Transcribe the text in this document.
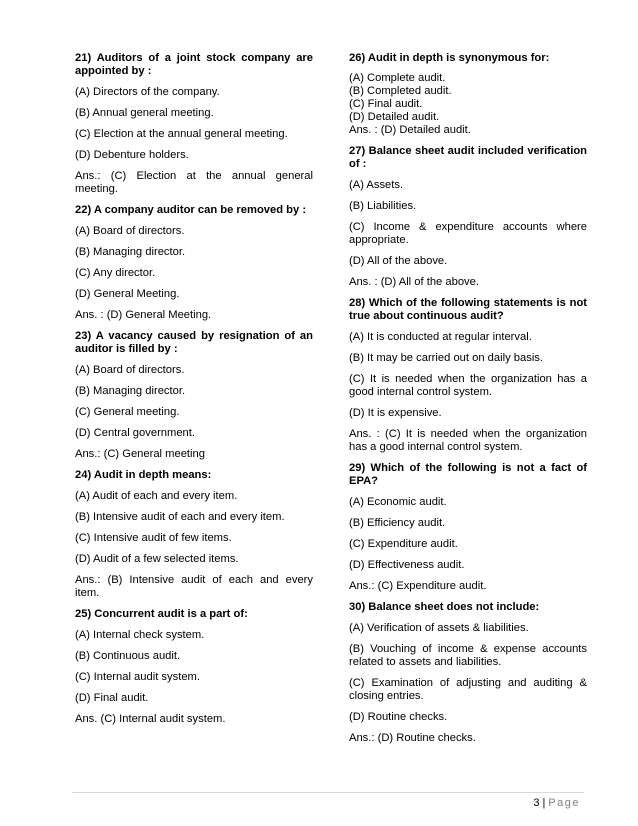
21) Auditors of a joint stock company are appointed by :

(A) Directors of the company.

(B) Annual general meeting.

(C) Election at the annual general meeting.

(D) Debenture holders.

Ans.: (C) Election at the annual general meeting.

22) A company auditor can be removed by :

(A) Board of directors.

(B) Managing director.

(C) Any director.

(D) General Meeting.

Ans. : (D) General Meeting.

23) A vacancy caused by resignation of an auditor is filled by :

(A) Board of directors.

(B) Managing director.

(C) General meeting.

(D) Central government.

Ans.: (C) General meeting

24) Audit in depth means:

(A) Audit of each and every item.

(B) Intensive audit of each and every item.

(C) Intensive audit of few items.

(D) Audit of a few selected items.

Ans.: (B) Intensive audit of each and every item.

25) Concurrent audit is a part of:

(A) Internal check system.

(B) Continuous audit.

(C) Internal audit system.

(D) Final audit.

Ans. (C) Internal audit system.

26) Audit in depth is synonymous for:

(A) Complete audit.

(B) Completed audit.

(C) Final audit.

(D) Detailed audit.

Ans. : (D) Detailed audit.

27) Balance sheet audit included verification of :

(A) Assets.

(B) Liabilities.

(C) Income & expenditure accounts where appropriate.

(D) All of the above.

Ans. : (D) All of the above.

28) Which of the following statements is not true about continuous audit?

(A) It is conducted at regular interval.

(B) It may be carried out on daily basis.

(C) It is needed when the organization has a good internal control system.

(D) It is expensive.

Ans. : (C) It is needed when the organization has a good internal control system.

29) Which of the following is not a fact of EPA?

(A) Economic audit.

(B) Efficiency audit.

(C) Expenditure audit.

(D) Effectiveness audit.

Ans.: (C) Expenditure audit.

30) Balance sheet does not include:

(A) Verification of assets & liabilities.

(B) Vouching of income & expense accounts related to assets and liabilities.

(C) Examination of adjusting and auditing & closing entries.

(D) Routine checks.

Ans.: (D) Routine checks.

3 | Page
